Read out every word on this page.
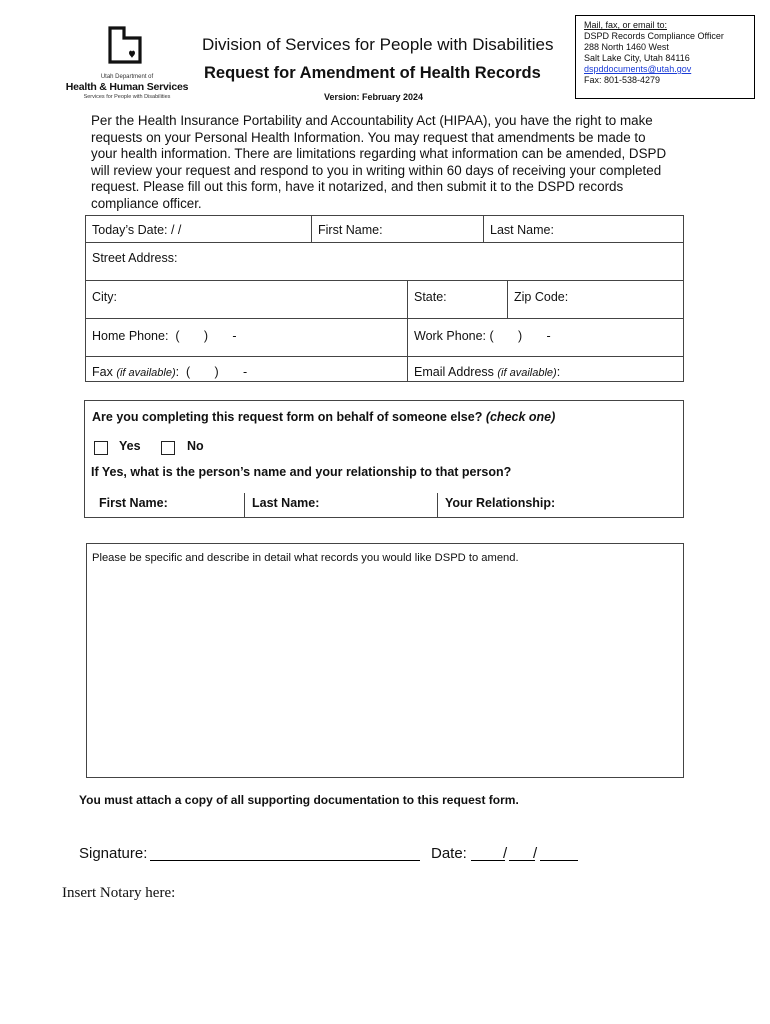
Utah Department of
Health & Human Services
Services for People with Disabilities
Division of Services for People with Disabilities
Request for Amendment of Health Records
Version: February 2024
Mail, fax, or email to:
DSPD Records Compliance Officer
288 North 1460 West
Salt Lake City, Utah 84116
dspddocuments@utah.gov
Fax: 801-538-4279
Per the Health Insurance Portability and Accountability Act (HIPAA), you have the right to make
requests on your Personal Health Information. You may request that amendments be made to
your health information. There are limitations regarding what information can be amended, DSPD
will review your request and respond to you in writing within 60 days of receiving your completed
request. Please fill out this form, have it notarized, and then submit it to the DSPD records
compliance officer.
Today’s Date: / /	First Name:	Last Name:
Street Address:
City:	State:	Zip Code:
Home Phone:  (       )       -	Work Phone: (       )       -
Fax (if available):  (       )       -	Email Address (if available):
Are you completing this request form on behalf of someone else? (check one)
Yes	No
If Yes, what is the person’s name and your relationship to that person?
First Name:	Last Name:	Your Relationship:
Please be specific and describe in detail what records you would like DSPD to amend.
You must attach a copy of all supporting documentation to this request form.
Signature:	Date: / /
Insert Notary here:
